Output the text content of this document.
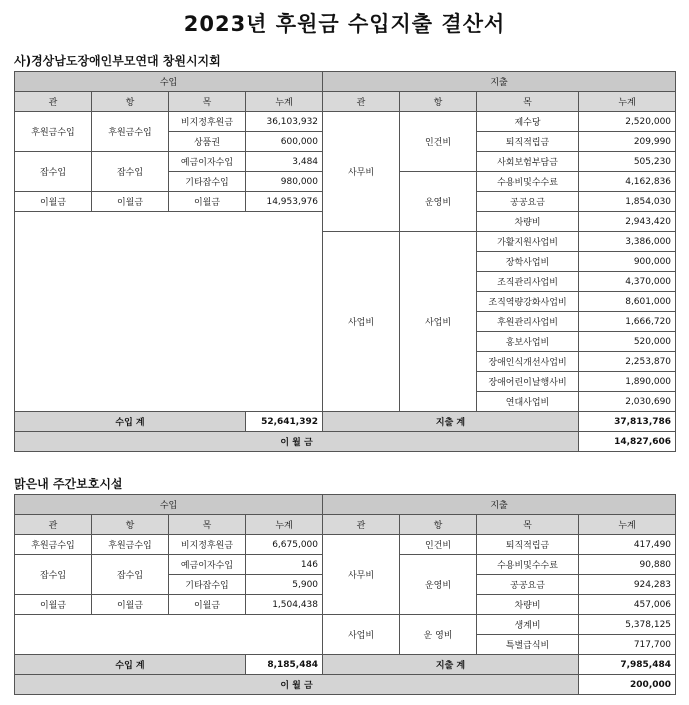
2023년 후원금 수입지출 결산서
사)경상남도장애인부모연대 창원시지회
수입				지출			
관	항	목	누계	관	항	목	누계
후원금수입	후원금수입	비지정후원금	36,103,932	사무비	인건비	제수당	2,520,000
		상품권	600,000			퇴직적립금	209,990
잡수입	잡수입	예금이자수입	3,484			사회보험부담금	505,230
		기타잡수입	980,000		운영비	수용비및수수료	4,162,836
이월금	이월금	이월금	14,953,976			공공요금	1,854,030
						차량비	2,943,420
				사업비	사업비	가활지원사업비	3,386,000
						장학사업비	900,000
						조직관리사업비	4,370,000
						조직역량강화사업비	8,601,000
						후원관리사업비	1,666,720
						홍보사업비	520,000
						장애인식개선사업비	2,253,870
						장애어린이날행사비	1,890,000
						연대사업비	2,030,690
수입 계			52,641,392	지출 계			37,813,786
이 월 금							14,827,606
맑은내 주간보호시설
수입				지출			
관	항	목	누계	관	항	목	누계
후원금수입	후원금수입	비지정후원금	6,675,000	사무비	인건비	퇴직적립금	417,490
잡수입	잡수입	예금이자수입	146		운영비	수용비및수수료	90,880
		기타잡수입	5,900			공공요금	924,283
이월금	이월금	이월금	1,504,438			차량비	457,006
				사업비	운 영비	생계비	5,378,125
						특별급식비	717,700
수입 계			8,185,484	지출 계			7,985,484
이 월 금							200,000
